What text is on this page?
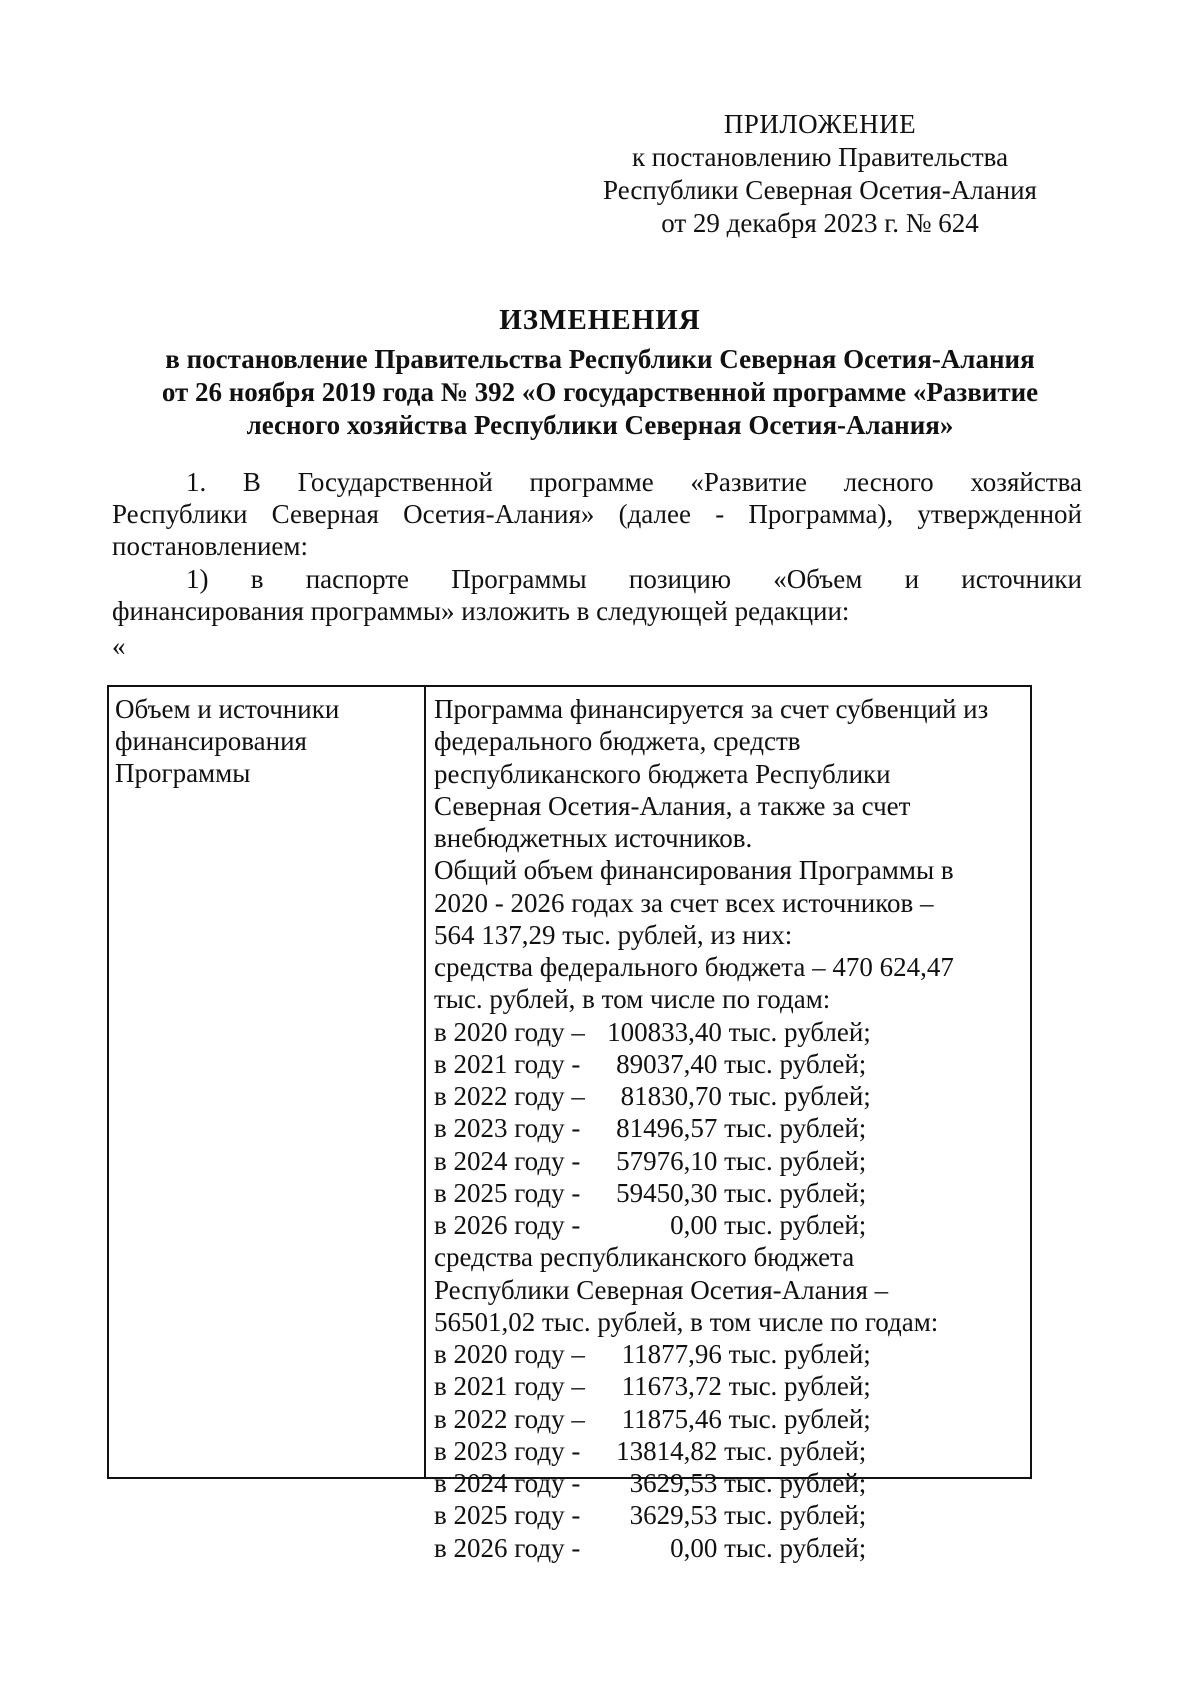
ПРИЛОЖЕНИЕ
к постановлению Правительства
Республики Северная Осетия-Алания
от 29 декабря 2023 г. № 624
ИЗМЕНЕНИЯ
в постановление Правительства Республики Северная Осетия-Алания
от 26 ноября 2019 года № 392 «О государственной программе «Развитие
лесного хозяйства Республики Северная Осетия-Алания»
1. В Государственной программе «Развитие лесного хозяйства
Республики Северная Осетия-Алания» (далее - Программа), утвержденной
постановлением:
1) в паспорте Программы позицию «Объем и источники
финансирования программы» изложить в следующей редакции:
«
Объем и источники
финансирования
Программы
Программа финансируется за счет субвенций из
федерального бюджета, средств
республиканского бюджета Республики
Северная Осетия-Алания, а также за счет
внебюджетных источников.
Общий объем финансирования Программы в
2020 - 2026 годах за счет всех источников –
564 137,29 тыс. рублей, из них:
средства федерального бюджета – 470 624,47
тыс. рублей, в том числе по годам:
в 2020 году – 100833,40 тыс. рублей;
в 2021 году - 89037,40 тыс. рублей;
в 2022 году – 81830,70 тыс. рублей;
в 2023 году - 81496,57 тыс. рублей;
в 2024 году - 57976,10 тыс. рублей;
в 2025 году - 59450,30 тыс. рублей;
в 2026 году -	0,00 тыс. рублей;
средства республиканского бюджета
Республики Северная Осетия-Алания –
56501,02 тыс. рублей, в том числе по годам:
в 2020 году – 11877,96 тыс. рублей;
в 2021 году – 11673,72 тыс. рублей;
в 2022 году – 11875,46 тыс. рублей;
в 2023 году - 13814,82 тыс. рублей;
в 2024 году - 3629,53 тыс. рублей;
в 2025 году - 3629,53 тыс. рублей;
в 2026 году -	0,00 тыс. рублей;
